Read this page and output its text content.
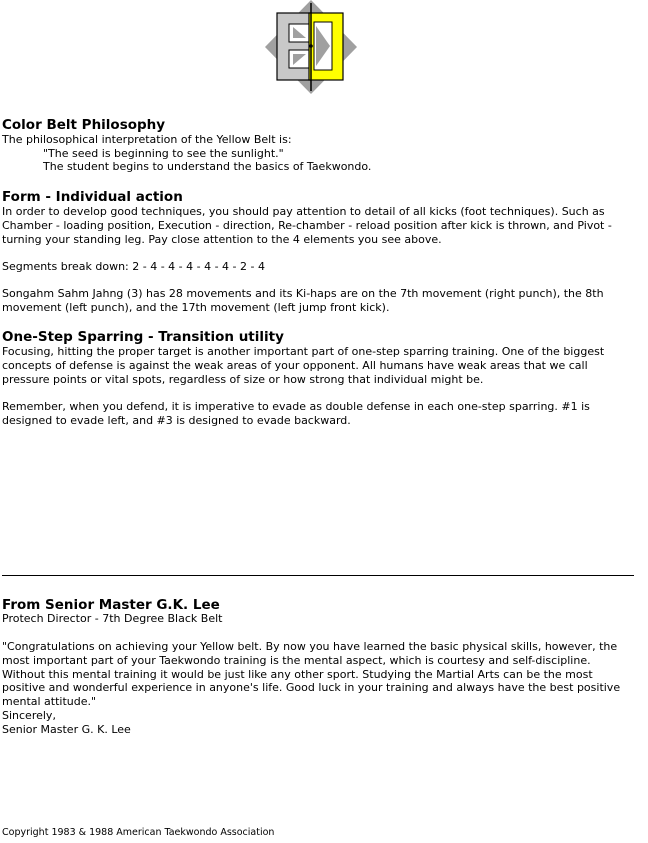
Color Belt Philosophy
The philosophical interpretation of the Yellow Belt is:
"The seed is beginning to see the sunlight."
The student begins to understand the basics of Taekwondo.
Form - Individual action
In order to develop good techniques, you should pay attention to detail of all kicks (foot techniques). Such as Chamber - loading position, Execution - direction, Re-chamber - reload position after kick is thrown, and Pivot - turning your standing leg. Pay close attention to the 4 elements you see above.
Segments break down: 2 - 4 - 4 - 4 - 4 - 4 - 2 - 4
Songahm Sahm Jahng (3) has 28 movements and its Ki-haps are on the 7th movement (right punch), the 8th movement (left punch), and the 17th movement (left jump front kick).
One-Step Sparring - Transition utility
Focusing, hitting the proper target is another important part of one-step sparring training. One of the biggest concepts of defense is against the weak areas of your opponent. All humans have weak areas that we call pressure points or vital spots, regardless of size or how strong that individual might be.
Remember, when you defend, it is imperative to evade as double defense in each one-step sparring. #1 is designed to evade left, and #3 is designed to evade backward.
From Senior Master G.K. Lee
Protech Director - 7th Degree Black Belt
"Congratulations on achieving your Yellow belt. By now you have learned the basic physical skills, however, the most important part of your Taekwondo training is the mental aspect, which is courtesy and self-discipline. Without this mental training it would be just like any other sport. Studying the Martial Arts can be the most positive and wonderful experience in anyone's life. Good luck in your training and always have the best positive mental attitude."
Sincerely,
Senior Master G. K. Lee
Copyright 1983 & 1988 American Taekwondo Association
